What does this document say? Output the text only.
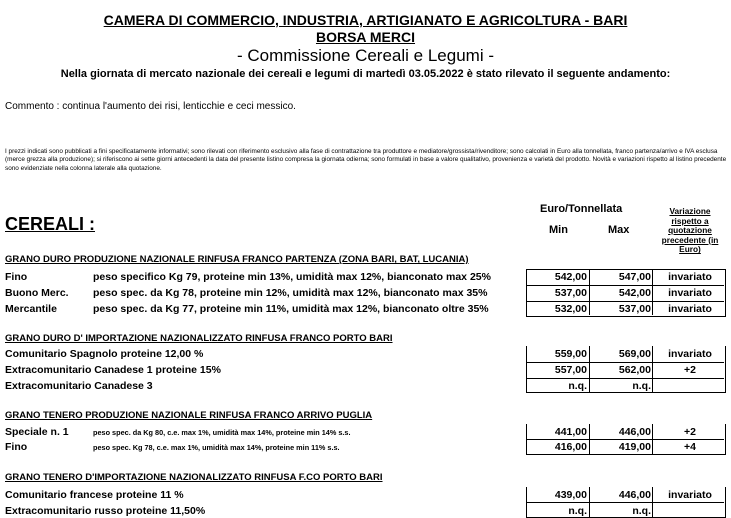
CAMERA DI COMMERCIO, INDUSTRIA, ARTIGIANATO E AGRICOLTURA - BARI
BORSA MERCI
- Commissione Cereali e Legumi -
Nella giornata di mercato nazionale dei cereali e legumi di martedì 03.05.2022 è stato rilevato il seguente andamento:
Commento : continua l'aumento dei risi, lenticchie e ceci messico.
I prezzi indicati sono pubblicati a fini specificatamente informativi; sono rilevati con riferimento esclusivo alla fase di contrattazione tra produttore e mediatore/grossista/rivenditore; sono calcolati in Euro alla tonnellata, franco partenza/arrivo e IVA esclusa (merce grezza alla produzione); si riferiscono ai sette giorni antecedenti la data del presente listino compresa la giornata odierna; sono formulati in base a valore qualitativo, provenienza e varietà del prodotto. Novità e variazioni rispetto al listino precedente sono evidenziate nella colonna laterale alla quotazione.
Euro/Tonnellata
Min	Max
Variazione rispetto a quotazione precedente (in Euro)
CEREALI :
GRANO DURO PRODUZIONE NAZIONALE RINFUSA FRANCO PARTENZA (ZONA BARI, BAT, LUCANIA)
Fino	peso specifico Kg 79, proteine min 13%, umidità max 12%, bianconato max 25%	542,00	547,00	invariato
Buono Merc. peso spec. da Kg 78, proteine min 12%, umidità max 12%, bianconato max 35%	537,00	542,00	invariato
Mercantile	peso spec. da Kg 77, proteine min 11%, umidità max 12%, bianconato oltre 35%	532,00	537,00	invariato
GRANO DURO D' IMPORTAZIONE NAZIONALIZZATO RINFUSA FRANCO PORTO BARI
Comunitario Spagnolo proteine 12,00 %	559,00	569,00	invariato
Extracomunitario Canadese 1 proteine 15%	557,00	562,00	+2
Extracomunitario Canadese 3	n.q.	n.q.
GRANO TENERO PRODUZIONE NAZIONALE RINFUSA FRANCO ARRIVO PUGLIA
Speciale n. 1	peso spec. da Kg 80, c.e. max 1%, umidità max 14%, proteine min 14% s.s.	441,00	446,00	+2
Fino	peso spec. Kg 78, c.e. max 1%, umidità max 14%, proteine min 11% s.s.	416,00	419,00	+4
GRANO TENERO D'IMPORTAZIONE NAZIONALIZZATO RINFUSA F.CO PORTO BARI
Comunitario francese proteine 11 %	439,00	446,00	invariato
Extracomunitario russo proteine 11,50%	n.q.	n.q.
